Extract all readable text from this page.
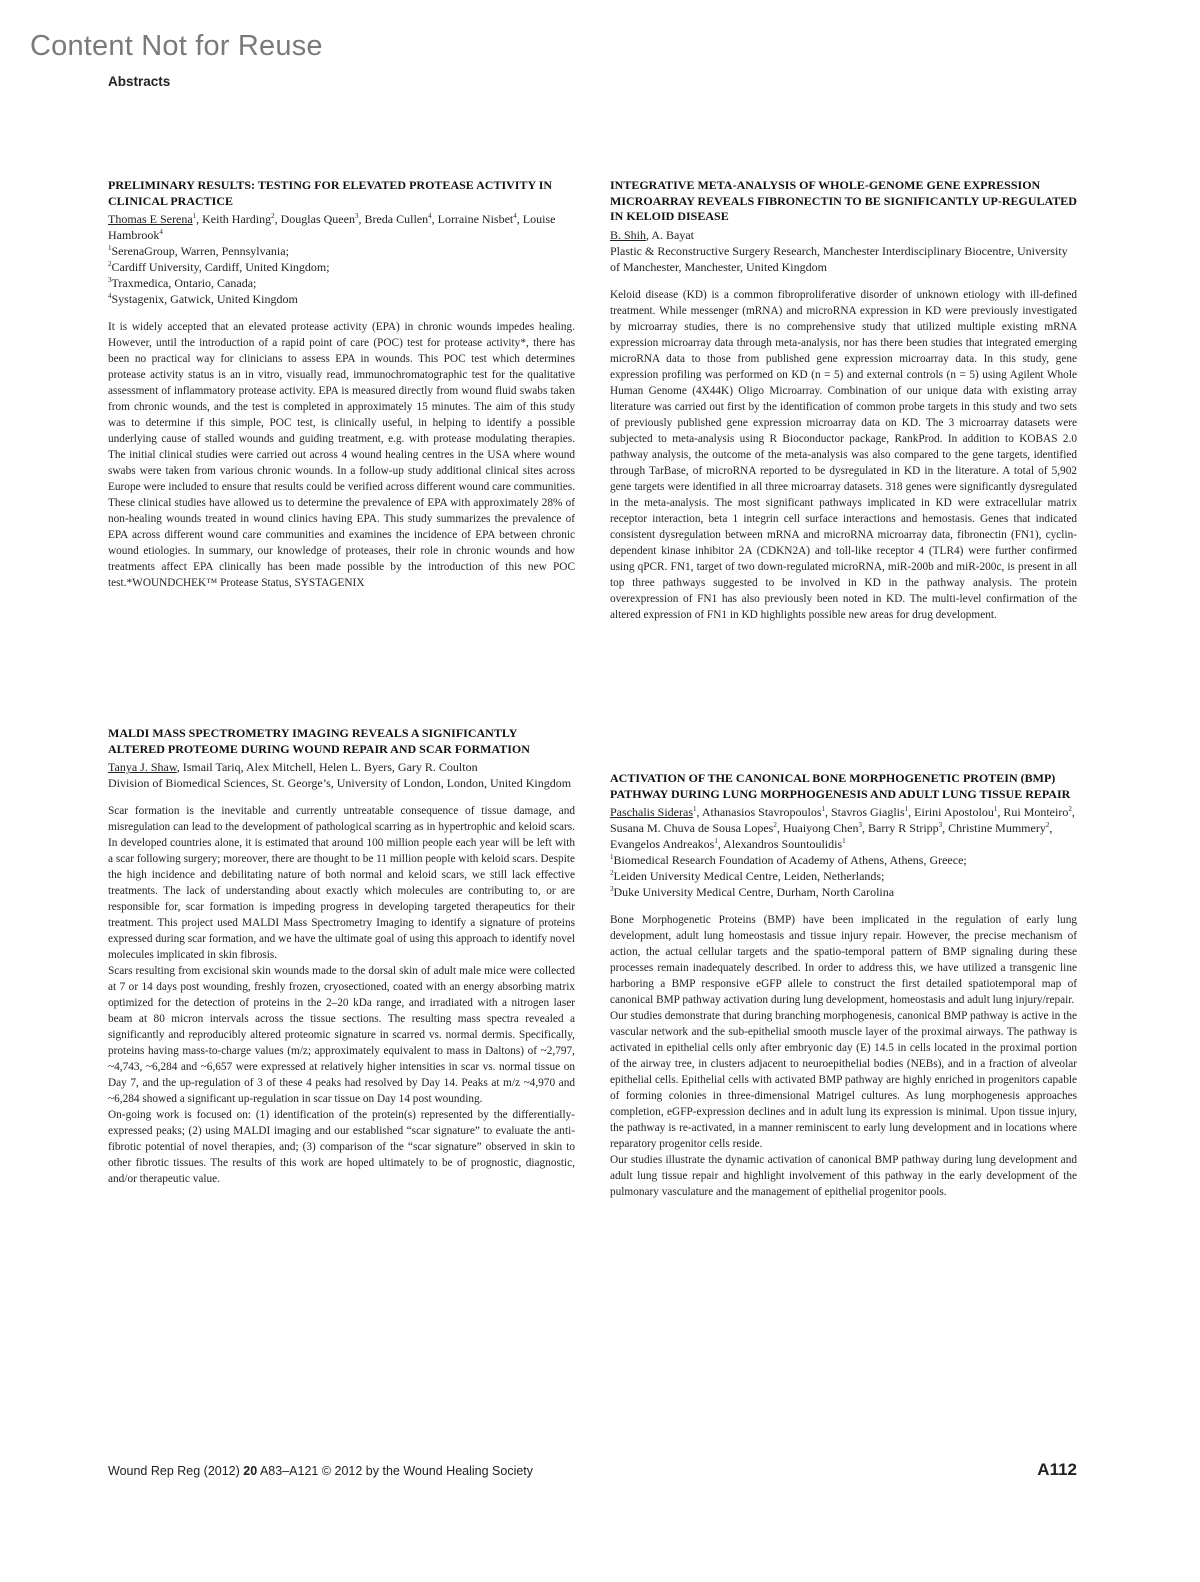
Content Not for Reuse
Abstracts
PRELIMINARY RESULTS: TESTING FOR ELEVATED PROTEASE ACTIVITY IN CLINICAL PRACTICE

Thomas E Serena$^1$, Keith Harding$^2$, Douglas Queen$^3$, Breda Cullen$^4$, Lorraine Nisbet$^4$, Louise Hambrook$^4$

$^1$SerenaGroup, Warren, Pennsylvania;

$^2$Cardiff University, Cardiff, United Kingdom;

$^3$Traxmedica, Ontario, Canada;

$^4$Systagenix, Gatwick, United Kingdom

It is widely accepted that an elevated protease activity (EPA) in chronic wounds impedes healing. However, until the introduction of a rapid point of care (POC) test for protease activity*, there has been no practical way for clinicians to assess EPA in wounds. This POC test which determines protease activity status is an in vitro, visually read, immunochromatographic test for the qualitative assessment of inflammatory protease activity. EPA is measured directly from wound fluid swabs taken from chronic wounds, and the test is completed in approximately 15 minutes. The aim of this study was to determine if this simple, POC test, is clinically useful, in helping to identify a possible underlying cause of stalled wounds and guiding treatment, e.g. with protease modulating therapies. The initial clinical studies were carried out across 4 wound healing centres in the USA where wound swabs were taken from various chronic wounds. In a follow-up study additional clinical sites across Europe were included to ensure that results could be verified across different wound care communities. These clinical studies have allowed us to determine the prevalence of EPA with approximately 28% of non-healing wounds treated in wound clinics having EPA. This study summarizes the prevalence of EPA across different wound care communities and examines the incidence of EPA between chronic wound etiologies. In summary, our knowledge of proteases, their role in chronic wounds and how treatments affect EPA clinically has been made possible by the introduction of this new POC test.*WOUNDCHEK™ Protease Status, SYSTAGENIX

MALDI MASS SPECTROMETRY IMAGING REVEALS A SIGNIFICANTLY ALTERED PROTEOME DURING WOUND REPAIR AND SCAR FORMATION

Tanya J. Shaw, Ismail Tariq, Alex Mitchell, Helen L. Byers, Gary R. Coulton

Division of Biomedical Sciences, St. George’s, University of London, London, United Kingdom

Scar formation is the inevitable and currently untreatable consequence of tissue damage, and misregulation can lead to the development of pathological scarring as in hypertrophic and keloid scars. In developed countries alone, it is estimated that around 100 million people each year will be left with a scar following surgery; moreover, there are thought to be 11 million people with keloid scars. Despite the high incidence and debilitating nature of both normal and keloid scars, we still lack effective treatments. The lack of understanding about exactly which molecules are contributing to, or are responsible for, scar formation is impeding progress in developing targeted therapeutics for their treatment. This project used MALDI Mass Spectrometry Imaging to identify a signature of proteins expressed during scar formation, and we have the ultimate goal of using this approach to identify novel molecules implicated in skin fibrosis.

Scars resulting from excisional skin wounds made to the dorsal skin of adult male mice were collected at 7 or 14 days post wounding, freshly frozen, cryosectioned, coated with an energy absorbing matrix optimized for the detection of proteins in the 2–20 kDa range, and irradiated with a nitrogen laser beam at 80 micron intervals across the tissue sections. The resulting mass spectra revealed a significantly and reproducibly altered proteomic signature in scarred vs. normal dermis. Specifically, proteins having mass-to-charge values (m/z; approximately equivalent to mass in Daltons) of ~2,797, ~4,743, ~6,284 and ~6,657 were expressed at relatively higher intensities in scar vs. normal tissue on Day 7, and the up-regulation of 3 of these 4 peaks had resolved by Day 14. Peaks at m/z ~4,970 and ~6,284 showed a significant up-regulation in scar tissue on Day 14 post wounding.

On-going work is focused on: (1) identification of the protein(s) represented by the differentially-expressed peaks; (2) using MALDI imaging and our established “scar signature” to evaluate the anti-fibrotic potential of novel therapies, and; (3) comparison of the “scar signature” observed in skin to other fibrotic tissues. The results of this work are hoped ultimately to be of prognostic, diagnostic, and/or therapeutic value.

INTEGRATIVE META-ANALYSIS OF WHOLE-GENOME GENE EXPRESSION MICROARRAY REVEALS FIBRONECTIN TO BE SIGNIFICANTLY UP-REGULATED IN KELOID DISEASE

B. Shih, A. Bayat

Plastic & Reconstructive Surgery Research, Manchester Interdisciplinary Biocentre, University of Manchester, Manchester, United Kingdom

Keloid disease (KD) is a common fibroproliferative disorder of unknown etiology with ill-defined treatment. While messenger (mRNA) and microRNA expression in KD were previously investigated by microarray studies, there is no comprehensive study that utilized multiple existing mRNA expression microarray data through meta-analysis, nor has there been studies that integrated emerging microRNA data to those from published gene expression microarray data. In this study, gene expression profiling was performed on KD (n = 5) and external controls (n = 5) using Agilent Whole Human Genome (4X44K) Oligo Microarray. Combination of our unique data with existing array literature was carried out first by the identification of common probe targets in this study and two sets of previously published gene expression microarray data on KD. The 3 microarray datasets were subjected to meta-analysis using R Bioconductor package, RankProd. In addition to KOBAS 2.0 pathway analysis, the outcome of the meta-analysis was also compared to the gene targets, identified through TarBase, of microRNA reported to be dysregulated in KD in the literature. A total of 5,902 gene targets were identified in all three microarray datasets. 318 genes were significantly dysregulated in the meta-analysis. The most significant pathways implicated in KD were extracellular matrix receptor interaction, beta 1 integrin cell surface interactions and hemostasis. Genes that indicated consistent dysregulation between mRNA and microRNA microarray data, fibronectin (FN1), cyclin-dependent kinase inhibitor 2A (CDKN2A) and toll-like receptor 4 (TLR4) were further confirmed using qPCR. FN1, target of two down-regulated microRNA, miR-200b and miR-200c, is present in all top three pathways suggested to be involved in KD in the pathway analysis. The protein overexpression of FN1 has also previously been noted in KD. The multi-level confirmation of the altered expression of FN1 in KD highlights possible new areas for drug development.

ACTIVATION OF THE CANONICAL BONE MORPHOGENETIC PROTEIN (BMP) PATHWAY DURING LUNG MORPHOGENESIS AND ADULT LUNG TISSUE REPAIR

Paschalis Sideras$^1$, Athanasios Stavropoulos$^1$, Stavros Giaglis$^1$, Eirini Apostolou$^1$, Rui Monteiro$^2$, Susana M. Chuva de Sousa Lopes$^2$, Huaiyong Chen$^3$, Barry R Stripp$^3$, Christine Mummery$^2$, Evangelos Andreakos$^1$, Alexandros Sountoulidis$^1$

$^1$Biomedical Research Foundation of Academy of Athens, Athens, Greece;

$^2$Leiden University Medical Centre, Leiden, Netherlands;

$^3$Duke University Medical Centre, Durham, North Carolina

Bone Morphogenetic Proteins (BMP) have been implicated in the regulation of early lung development, adult lung homeostasis and tissue injury repair. However, the precise mechanism of action, the actual cellular targets and the spatio-temporal pattern of BMP signaling during these processes remain inadequately described. In order to address this, we have utilized a transgenic line harboring a BMP responsive eGFP allele to construct the first detailed spatiotemporal map of canonical BMP pathway activation during lung development, homeostasis and adult lung injury/repair.

Our studies demonstrate that during branching morphogenesis, canonical BMP pathway is active in the vascular network and the sub-epithelial smooth muscle layer of the proximal airways. The pathway is activated in epithelial cells only after embryonic day (E) 14.5 in cells located in the proximal portion of the airway tree, in clusters adjacent to neuroepithelial bodies (NEBs), and in a fraction of alveolar epithelial cells. Epithelial cells with activated BMP pathway are highly enriched in progenitors capable of forming colonies in three-dimensional Matrigel cultures. As lung morphogenesis approaches completion, eGFP-expression declines and in adult lung its expression is minimal. Upon tissue injury, the pathway is re-activated, in a manner reminiscent to early lung development and in locations where reparatory progenitor cells reside.

Our studies illustrate the dynamic activation of canonical BMP pathway during lung development and adult lung tissue repair and highlight involvement of this pathway in the early development of the pulmonary vasculature and the management of epithelial progenitor pools.

Wound Rep Reg (2012) 20 A83–A121 © 2012 by the Wound Healing Society	A112
